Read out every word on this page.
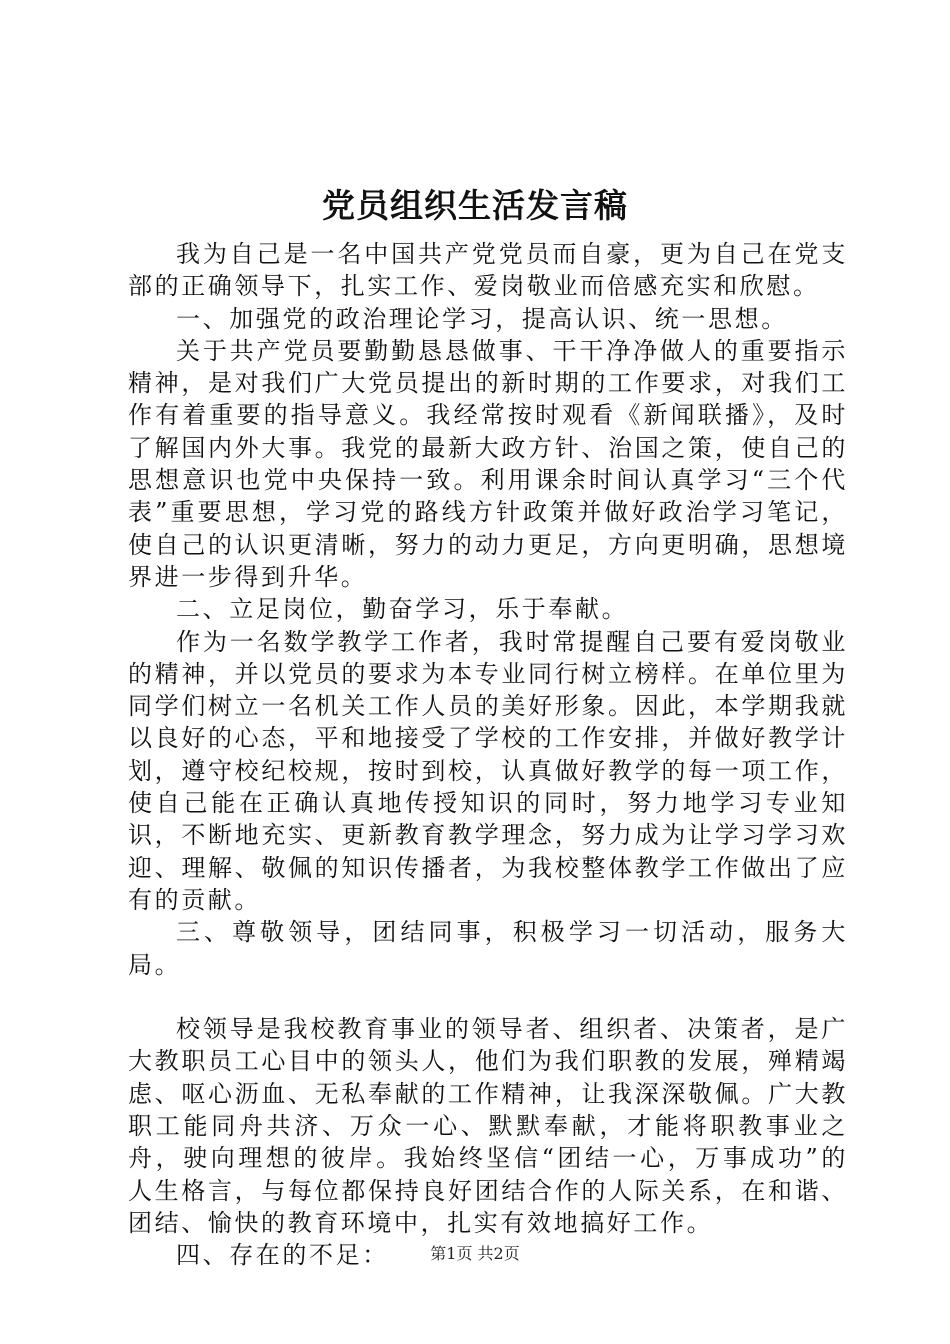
党员组织生活发言稿

我为自己是一名中国共产党党员而自豪，更为自己在党支部的正确领导下，扎实工作、爱岗敬业而倍感充实和欣慰。

一、加强党的政治理论学习，提高认识、统一思想。

关于共产党员要勤勤恳恳做事、干干净净做人的重要指示精神，是对我们广大党员提出的新时期的工作要求，对我们工作有着重要的指导意义。我经常按时观看《新闻联播》，及时了解国内外大事。我党的最新大政方针、治国之策，使自己的思想意识也党中央保持一致。利用课余时间认真学习“三个代表”重要思想，学习党的路线方针政策并做好政治学习笔记，使自己的认识更清晰，努力的动力更足，方向更明确，思想境界进一步得到升华。

二、立足岗位，勤奋学习，乐于奉献。

作为一名数学教学工作者，我时常提醒自己要有爱岗敬业的精神，并以党员的要求为本专业同行树立榜样。在单位里为同学们树立一名机关工作人员的美好形象。因此，本学期我就以良好的心态，平和地接受了学校的工作安排，并做好教学计划，遵守校纪校规，按时到校，认真做好教学的每一项工作，使自己能在正确认真地传授知识的同时，努力地学习专业知识，不断地充实、更新教育教学理念，努力成为让学习学习欢迎、理解、敬佩的知识传播者，为我校整体教学工作做出了应有的贡献。

三、尊敬领导，团结同事，积极学习一切活动，服务大局。

校领导是我校教育事业的领导者、组织者、决策者，是广大教职员工心目中的领头人，他们为我们职教的发展，殚精竭虑、呕心沥血、无私奉献的工作精神，让我深深敬佩。广大教职工能同舟共济、万众一心、默默奉献，才能将职教事业之舟，驶向理想的彼岸。我始终坚信“团结一心，万事成功”的人生格言，与每位都保持良好团结合作的人际关系，在和谐、团结、愉快的教育环境中，扎实有效地搞好工作。

四、存在的不足：	第1页 共2页
